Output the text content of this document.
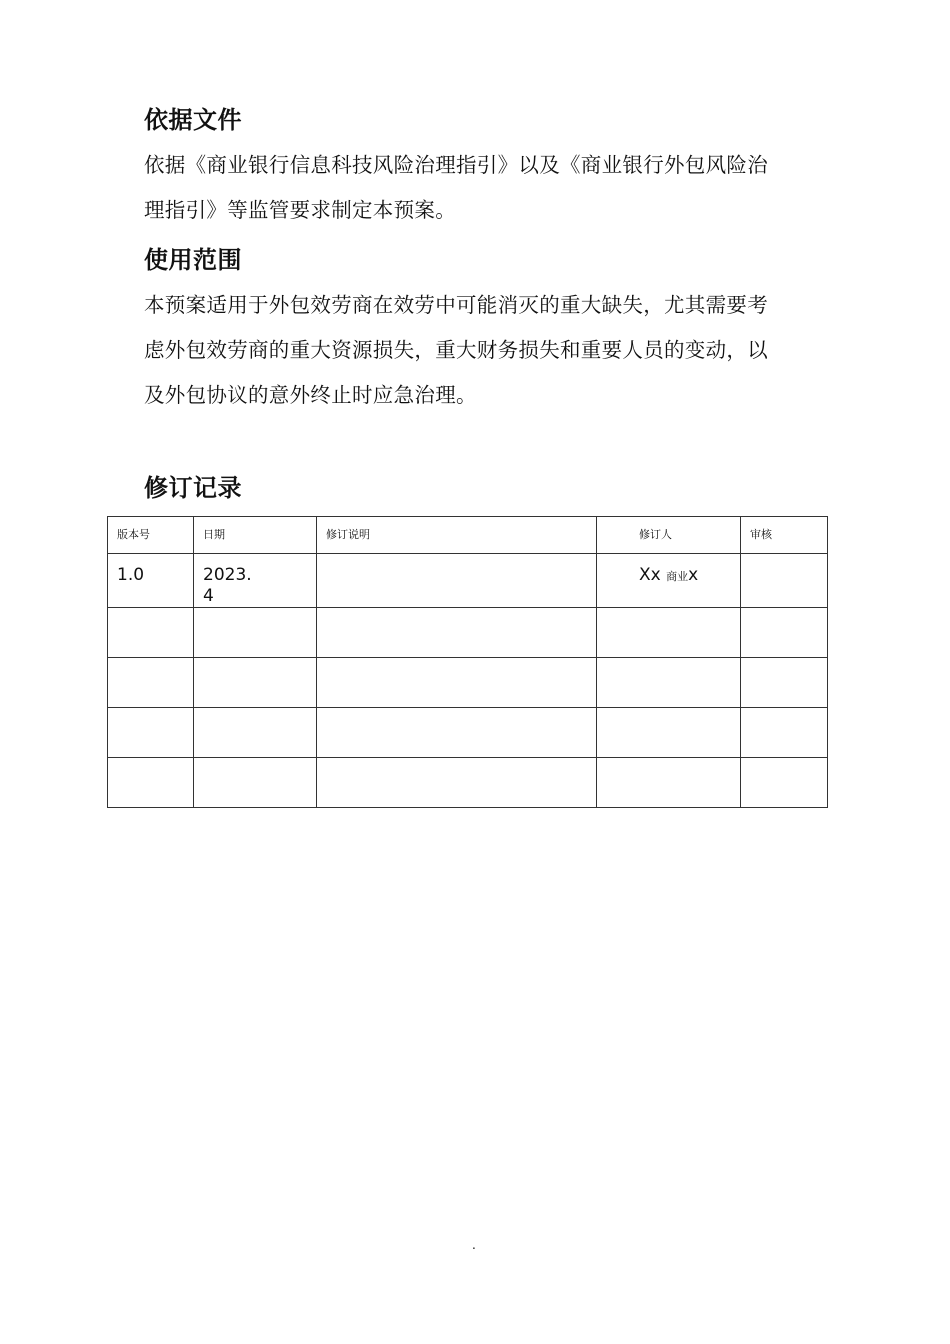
依据文件
依据《商业银行信息科技风险治理指引》以及《商业银行外包风险治
理指引》等监管要求制定本预案。
使用范围
本预案适用于外包效劳商在效劳中可能消灭的重大缺失，尤其需要考
虑外包效劳商的重大资源损失，重大财务损失和重要人员的变动，以
及外包协议的意外终止时应急治理。
修订记录
版本号	日期	修订说明	修订人	审核

1.0	2023.4		Xx 商业x	

.
